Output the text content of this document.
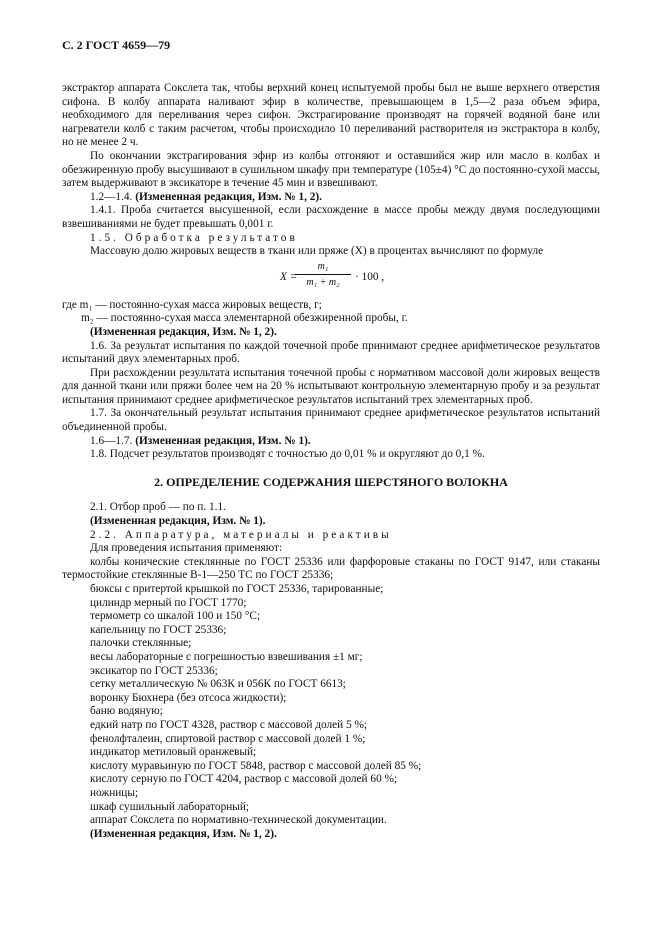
С. 2 ГОСТ 4659—79
экстрактор аппарата Сокслета так, чтобы верхний конец испытуемой пробы был не выше верхнего отверстия сифона. В колбу аппарата наливают эфир в количестве, превышающем в 1,5—2 раза объем эфира, необходимого для переливания через сифон. Экстрагирование производят на горячей водяной бане или нагреватели колб с таким расчетом, чтобы происходило 10 переливаний растворителя из экстрактора в колбу, но не менее 2 ч.
По окончании экстрагирования эфир из колбы отгоняют и оставшийся жир или масло в колбах и обезжиренную пробу высушивают в сушильном шкафу при температуре (105±4) °С до постоянно-сухой массы, затем выдерживают в эксикаторе в течение 45 мин и взвешивают.
1.2—1.4. (Измененная редакция, Изм. № 1, 2).
1.4.1. Проба считается высушенной, если расхождение в массе пробы между двумя последующими взвешиваниями не будет превышать 0,001 г.
1.5. Обработка результатов
Массовую долю жировых веществ в ткани или пряже (X) в процентах вычисляют по формуле
X =
$\frac{\text{m₁}}{\text{m₁ + m₂}} \cdot 100$ ,
где m₁ — постоянно-сухая масса жировых веществ, г;
m₂ — постоянно-сухая масса элементарной обезжиренной пробы, г.
(Измененная редакция, Изм. № 1, 2).
1.6. За результат испытания по каждой точечной пробе принимают среднее арифметическое результатов испытаний двух элементарных проб.
При расхождении результата испытания точечной пробы с нормативом массовой доли жировых веществ для данной ткани или пряжи более чем на 20 % испытывают контрольную элементарную пробу и за результат испытания принимают среднее арифметическое результатов испытаний трех элементарных проб.
1.7. За окончательный результат испытания принимают среднее арифметическое результатов испытаний объединенной пробы.
1.6—1.7. (Измененная редакция, Изм. № 1).
1.8. Подсчет результатов производят с точностью до 0,01 % и округляют до 0,1 %.
2. ОПРЕДЕЛЕНИЕ СОДЕРЖАНИЯ ШЕРСТЯНОГО ВОЛОКНА
2.1. Отбор проб — по п. 1.1.
(Измененная редакция, Изм. № 1).
2.2. Аппаратура, материалы и реактивы
Для проведения испытания применяют:
колбы конические стеклянные по ГОСТ 25336 или фарфоровые стаканы по ГОСТ 9147, или стаканы термостойкие стеклянные В-1—250 ТС по ГОСТ 25336;
бюксы с притертой крышкой по ГОСТ 25336, тарированные;
цилиндр мерный по ГОСТ 1770;
термометр со шкалой 100 и 150 °С;
капельницу по ГОСТ 25336;
палочки стеклянные;
весы лабораторные с погрешностью взвешивания ±1 мг;
эксикатор по ГОСТ 25336;
сетку металлическую № 063К и 056К по ГОСТ 6613;
воронку Бюхнера (без отсоса жидкости);
баню водяную;
едкий натр по ГОСТ 4328, раствор с массовой долей 5 %;
фенолфталеин, спиртовой раствор с массовой долей 1 %;
индикатор метиловый оранжевый;
кислоту муравьиную по ГОСТ 5848, раствор с массовой долей 85 %;
кислоту серную по ГОСТ 4204, раствор с массовой долей 60 %;
ножницы;
шкаф сушильный лабораторный;
аппарат Сокслета по нормативно-технической документации.
(Измененная редакция, Изм. № 1, 2).
